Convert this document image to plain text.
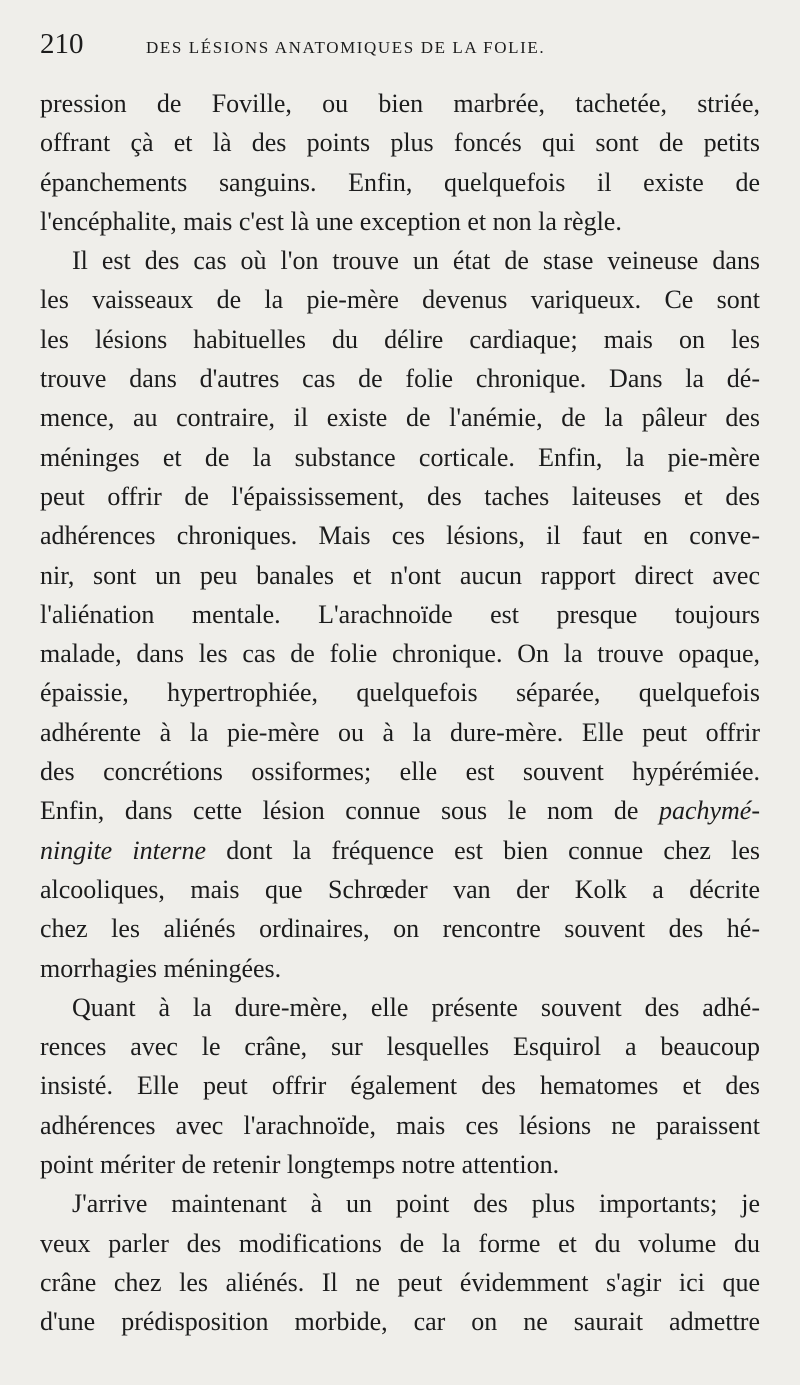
210	DES LÉSIONS ANATOMIQUES DE LA FOLIE.
pression de Foville, ou bien marbrée, tachetée, striée,
offrant çà et là des points plus foncés qui sont de petits
épanchements sanguins. Enfin, quelquefois il existe de
l'encéphalite, mais c'est là une exception et non la règle.
Il est des cas où l'on trouve un état de stase veineuse dans
les vaisseaux de la pie-mère devenus variqueux. Ce sont
les lésions habituelles du délire cardiaque; mais on les
trouve dans d'autres cas de folie chronique. Dans la dé-
mence, au contraire, il existe de l'anémie, de la pâleur des
méninges et de la substance corticale. Enfin, la pie-mère
peut offrir de l'épaississement, des taches laiteuses et des
adhérences chroniques. Mais ces lésions, il faut en conve-
nir, sont un peu banales et n'ont aucun rapport direct avec
l'aliénation mentale. L'arachnoïde est presque toujours
malade, dans les cas de folie chronique. On la trouve opaque,
épaissie, hypertrophiée, quelquefois séparée, quelquefois
adhérente à la pie-mère ou à la dure-mère. Elle peut offrir
des concrétions ossiformes; elle est souvent hypérémiée.
Enfin, dans cette lésion connue sous le nom de pachymé-
ningite interne dont la fréquence est bien connue chez les
alcooliques, mais que Schrœder van der Kolk a décrite
chez les aliénés ordinaires, on rencontre souvent des hé-
morrhagies méningées.
Quant à la dure-mère, elle présente souvent des adhé-
rences avec le crâne, sur lesquelles Esquirol a beaucoup
insisté. Elle peut offrir également des hematomes et des
adhérences avec l'arachnoïde, mais ces lésions ne paraissent
point mériter de retenir longtemps notre attention.
J'arrive maintenant à un point des plus importants; je
veux parler des modifications de la forme et du volume du
crâne chez les aliénés. Il ne peut évidemment s'agir ici que
d'une prédisposition morbide, car on ne saurait admettre
